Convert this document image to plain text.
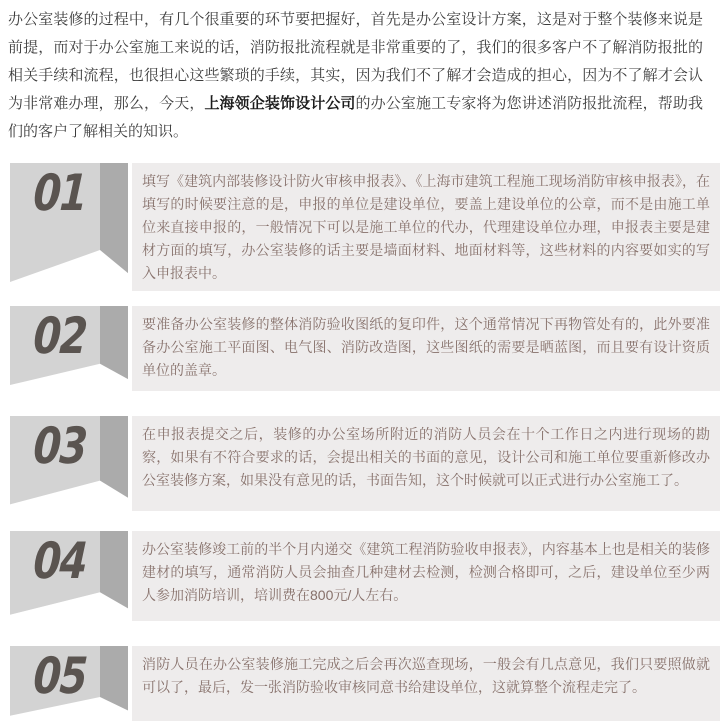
办公室装修的过程中，有几个很重要的环节要把握好，首先是办公室设计方案，这是对于整个装修来说是前提，而对于办公室施工来说的话，消防报批流程就是非常重要的了，我们的很多客户不了解消防报批的相关手续和流程，也很担心这些繁琐的手续，其实，因为我们不了解才会造成的担心，因为不了解才会认为非常难办理，那么，今天，上海领企装饰设计公司的办公室施工专家将为您讲述消防报批流程，帮助我们的客户了解相关的知识。

01	填写《建筑内部装修设计防火审核申报表》、《上海市建筑工程施工现场消防审核申报表》，在填写的时候要注意的是，申报的单位是建设单位，要盖上建设单位的公章，而不是由施工单位来直接申报的，一般情况下可以是施工单位的代办，代理建设单位办理，申报表主要是建材方面的填写，办公室装修的话主要是墙面材料、地面材料等，这些材料的内容要如实的写入申报表中。

02	要准备办公室装修的整体消防验收图纸的复印件，这个通常情况下再物管处有的，此外要准备办公室施工平面图、电气图、消防改造图，这些图纸的需要是晒蓝图，而且要有设计资质单位的盖章。

03	在申报表提交之后，装修的办公室场所附近的消防人员会在十个工作日之内进行现场的勘察，如果有不符合要求的话，会提出相关的书面的意见，设计公司和施工单位要重新修改办公室装修方案，如果没有意见的话，书面告知，这个时候就可以正式进行办公室施工了。

04	办公室装修竣工前的半个月内递交《建筑工程消防验收申报表》，内容基本上也是相关的装修建材的填写，通常消防人员会抽查几种建材去检测，检测合格即可，之后，建设单位至少两人参加消防培训，培训费在800元/人左右。

05	消防人员在办公室装修施工完成之后会再次巡查现场，一般会有几点意见，我们只要照做就可以了，最后，发一张消防验收审核同意书给建设单位，这就算整个流程走完了。
